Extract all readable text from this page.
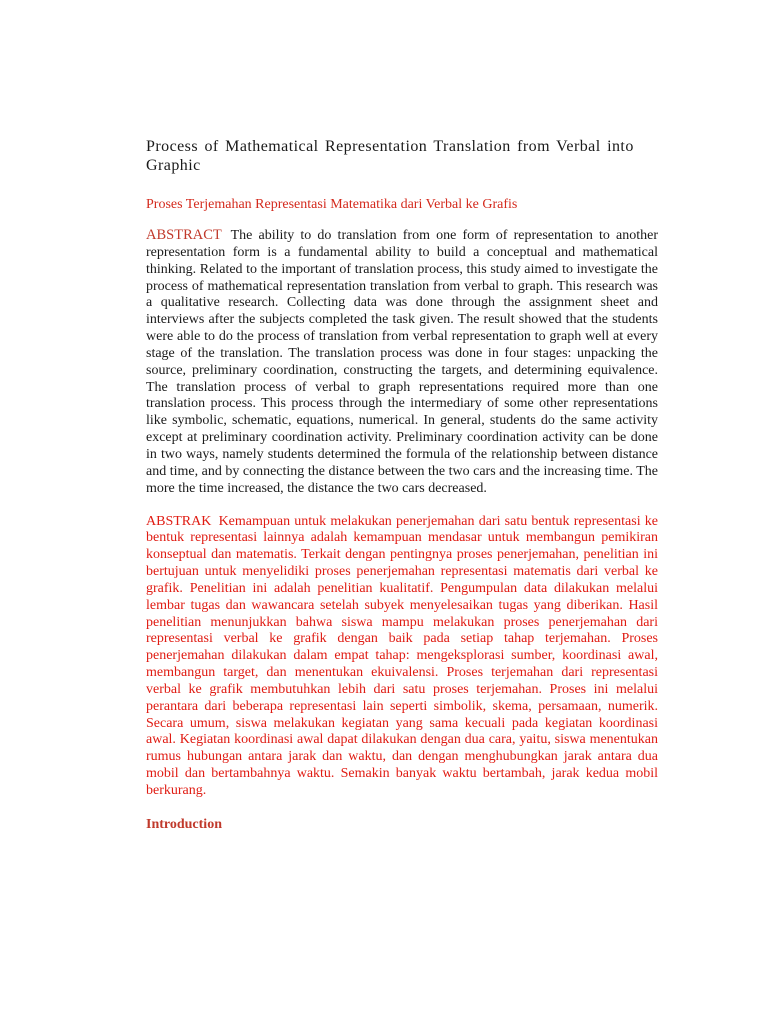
Process of Mathematical Representation Translation from Verbal into Graphic

Proses Terjemahan Representasi Matematika dari Verbal ke Grafis

ABSTRACT The ability to do translation from one form of representation to another representation form is a fundamental ability to build a conceptual and mathematical thinking. Related to the important of translation process, this study aimed to investigate the process of mathematical representation translation from verbal to graph. This research was a qualitative research. Collecting data was done through the assignment sheet and interviews after the subjects completed the task given. The result showed that the students were able to do the process of translation from verbal representation to graph well at every stage of the translation. The translation process was done in four stages: unpacking the source, preliminary coordination, constructing the targets, and determining equivalence. The translation process of verbal to graph representations required more than one translation process. This process through the intermediary of some other representations like symbolic, schematic, equations, numerical. In general, students do the same activity except at preliminary coordination activity. Preliminary coordination activity can be done in two ways, namely students determined the formula of the relationship between distance and time, and by connecting the distance between the two cars and the increasing time. The more the time increased, the distance the two cars decreased.

ABSTRAK Kemampuan untuk melakukan penerjemahan dari satu bentuk representasi ke bentuk representasi lainnya adalah kemampuan mendasar untuk membangun pemikiran konseptual dan matematis. Terkait dengan pentingnya proses penerjemahan, penelitian ini bertujuan untuk menyelidiki proses penerjemahan representasi matematis dari verbal ke grafik. Penelitian ini adalah penelitian kualitatif. Pengumpulan data dilakukan melalui lembar tugas dan wawancara setelah subyek menyelesaikan tugas yang diberikan. Hasil penelitian menunjukkan bahwa siswa mampu melakukan proses penerjemahan dari representasi verbal ke grafik dengan baik pada setiap tahap terjemahan. Proses penerjemahan dilakukan dalam empat tahap: mengeksplorasi sumber, koordinasi awal, membangun target, dan menentukan ekuivalensi. Proses terjemahan dari representasi verbal ke grafik membutuhkan lebih dari satu proses terjemahan. Proses ini melalui perantara dari beberapa representasi lain seperti simbolik, skema, persamaan, numerik. Secara umum, siswa melakukan kegiatan yang sama kecuali pada kegiatan koordinasi awal. Kegiatan koordinasi awal dapat dilakukan dengan dua cara, yaitu, siswa menentukan rumus hubungan antara jarak dan waktu, dan dengan menghubungkan jarak antara dua mobil dan bertambahnya waktu. Semakin banyak waktu bertambah, jarak kedua mobil berkurang.

Introduction
